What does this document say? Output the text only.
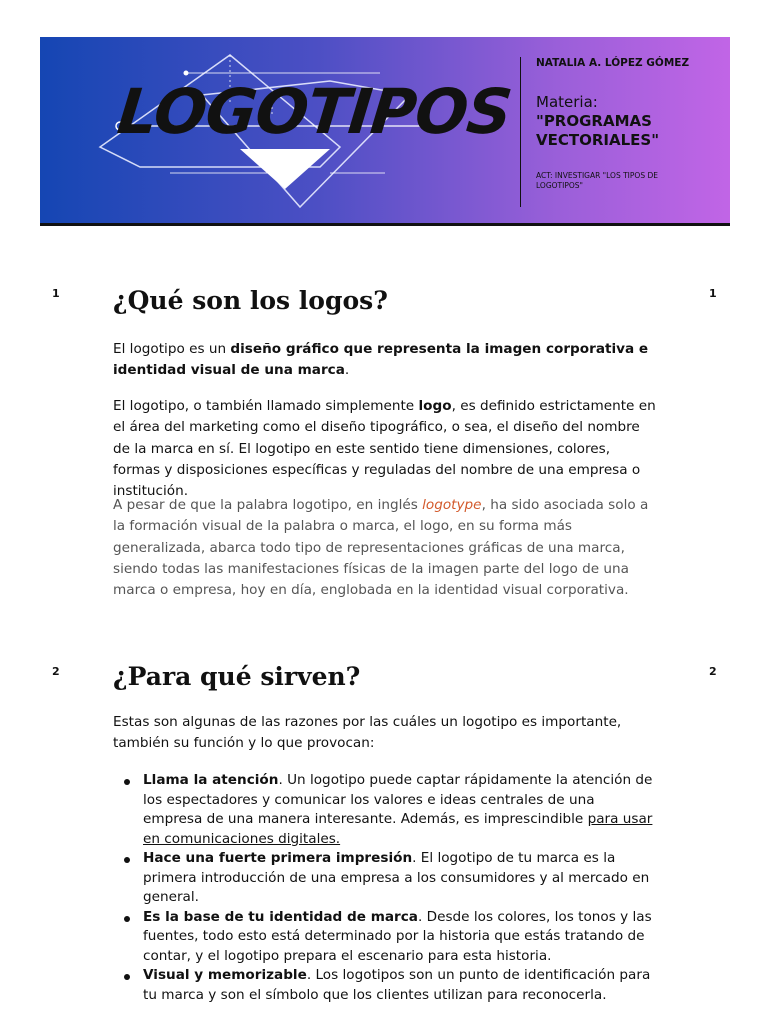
LOGOTIPOS
NATALIA A. LÓPEZ GÓMEZ
Materia:
"PROGRAMAS VECTORIALES"
ACT: INVESTIGAR "LOS TIPOS DE LOGOTIPOS"
1	1
¿Qué son los logos?

El logotipo es un diseño gráfico que representa la imagen corporativa e identidad visual de una marca.

El logotipo, o también llamado simplemente logo, es definido estrictamente en el área del marketing como el diseño tipográfico, o sea, el diseño del nombre de la marca en sí. El logotipo en este sentido tiene dimensiones, colores, formas y disposiciones específicas y reguladas del nombre de una empresa o institución.

A pesar de que la palabra logotipo, en inglés logotype, ha sido asociada solo a la formación visual de la palabra o marca, el logo, en su forma más generalizada, abarca todo tipo de representaciones gráficas de una marca, siendo todas las manifestaciones físicas de la imagen parte del logo de una marca o empresa, hoy en día, englobada en la identidad visual corporativa.

2	2
¿Para qué sirven?

Estas son algunas de las razones por las cuáles un logotipo es importante, también su función y lo que provocan:

Llama la atención. Un logotipo puede captar rápidamente la atención de los espectadores y comunicar los valores e ideas centrales de una empresa de una manera interesante. Además, es imprescindible para usar en comunicaciones digitales.
Hace una fuerte primera impresión. El logotipo de tu marca es la primera introducción de una empresa a los consumidores y al mercado en general.
Es la base de tu identidad de marca. Desde los colores, los tonos y las fuentes, todo esto está determinado por la historia que estás tratando de contar, y el logotipo prepara el escenario para esta historia.
Visual y memorizable. Los logotipos son un punto de identificación para tu marca y son el símbolo que los clientes utilizan para reconocerla.
